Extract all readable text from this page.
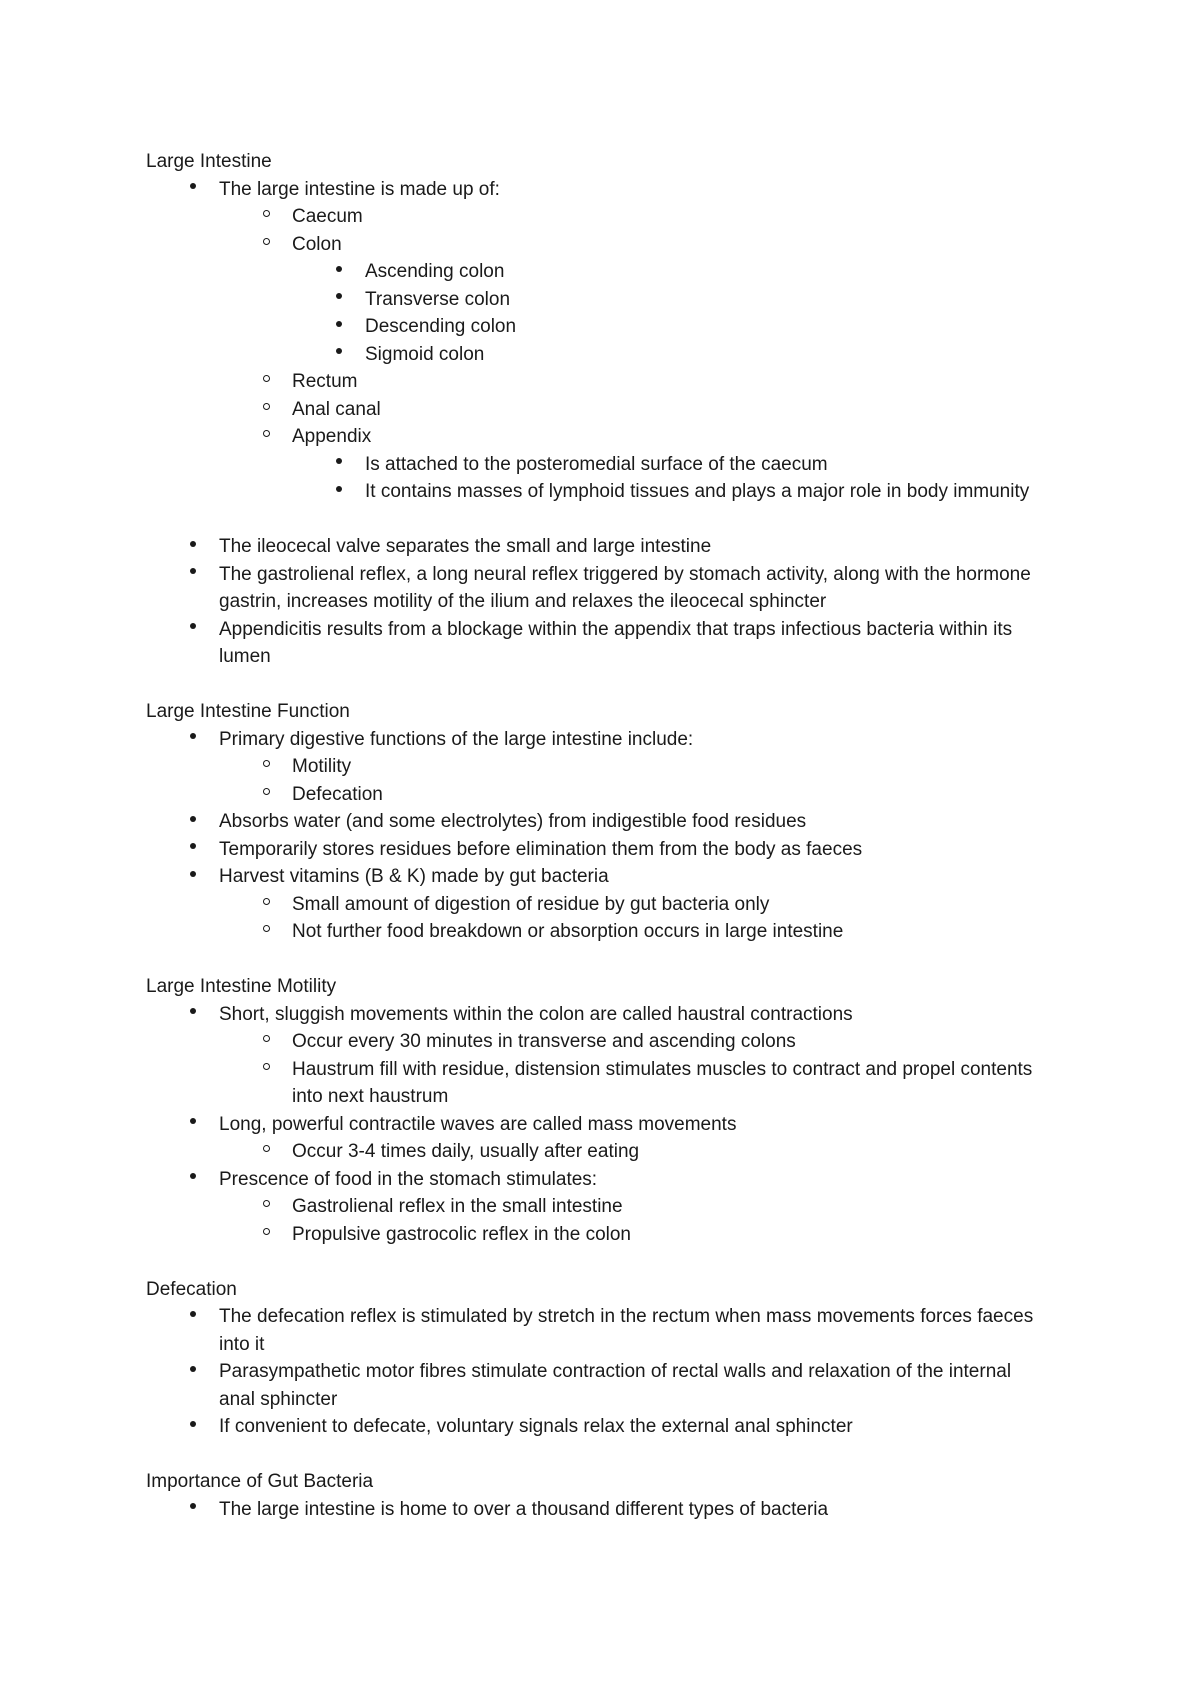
Large Intestine
The large intestine is made up of:
Caecum
Colon
Ascending colon
Transverse colon
Descending colon
Sigmoid colon
Rectum
Anal canal
Appendix
Is attached to the posteromedial surface of the caecum
It contains masses of lymphoid tissues and plays a major role in body immunity
The ileocecal valve separates the small and large intestine
The gastrolienal reflex, a long neural reflex triggered by stomach activity, along with the hormone gastrin, increases motility of the ilium and relaxes the ileocecal sphincter
Appendicitis results from a blockage within the appendix that traps infectious bacteria within its lumen
Large Intestine Function
Primary digestive functions of the large intestine include:
Motility
Defecation
Absorbs water (and some electrolytes) from indigestible food residues
Temporarily stores residues before elimination them from the body as faeces
Harvest vitamins (B & K) made by gut bacteria
Small amount of digestion of residue by gut bacteria only
Not further food breakdown or absorption occurs in large intestine
Large Intestine Motility
Short, sluggish movements within the colon are called haustral contractions
Occur every 30 minutes in transverse and ascending colons
Haustrum fill with residue, distension stimulates muscles to contract and propel contents into next haustrum
Long, powerful contractile waves are called mass movements
Occur 3-4 times daily, usually after eating
Prescence of food in the stomach stimulates:
Gastrolienal reflex in the small intestine
Propulsive gastrocolic reflex in the colon
Defecation
The defecation reflex is stimulated by stretch in the rectum when mass movements forces faeces into it
Parasympathetic motor fibres stimulate contraction of rectal walls and relaxation of the internal anal sphincter
If convenient to defecate, voluntary signals relax the external anal sphincter
Importance of Gut Bacteria
The large intestine is home to over a thousand different types of bacteria
